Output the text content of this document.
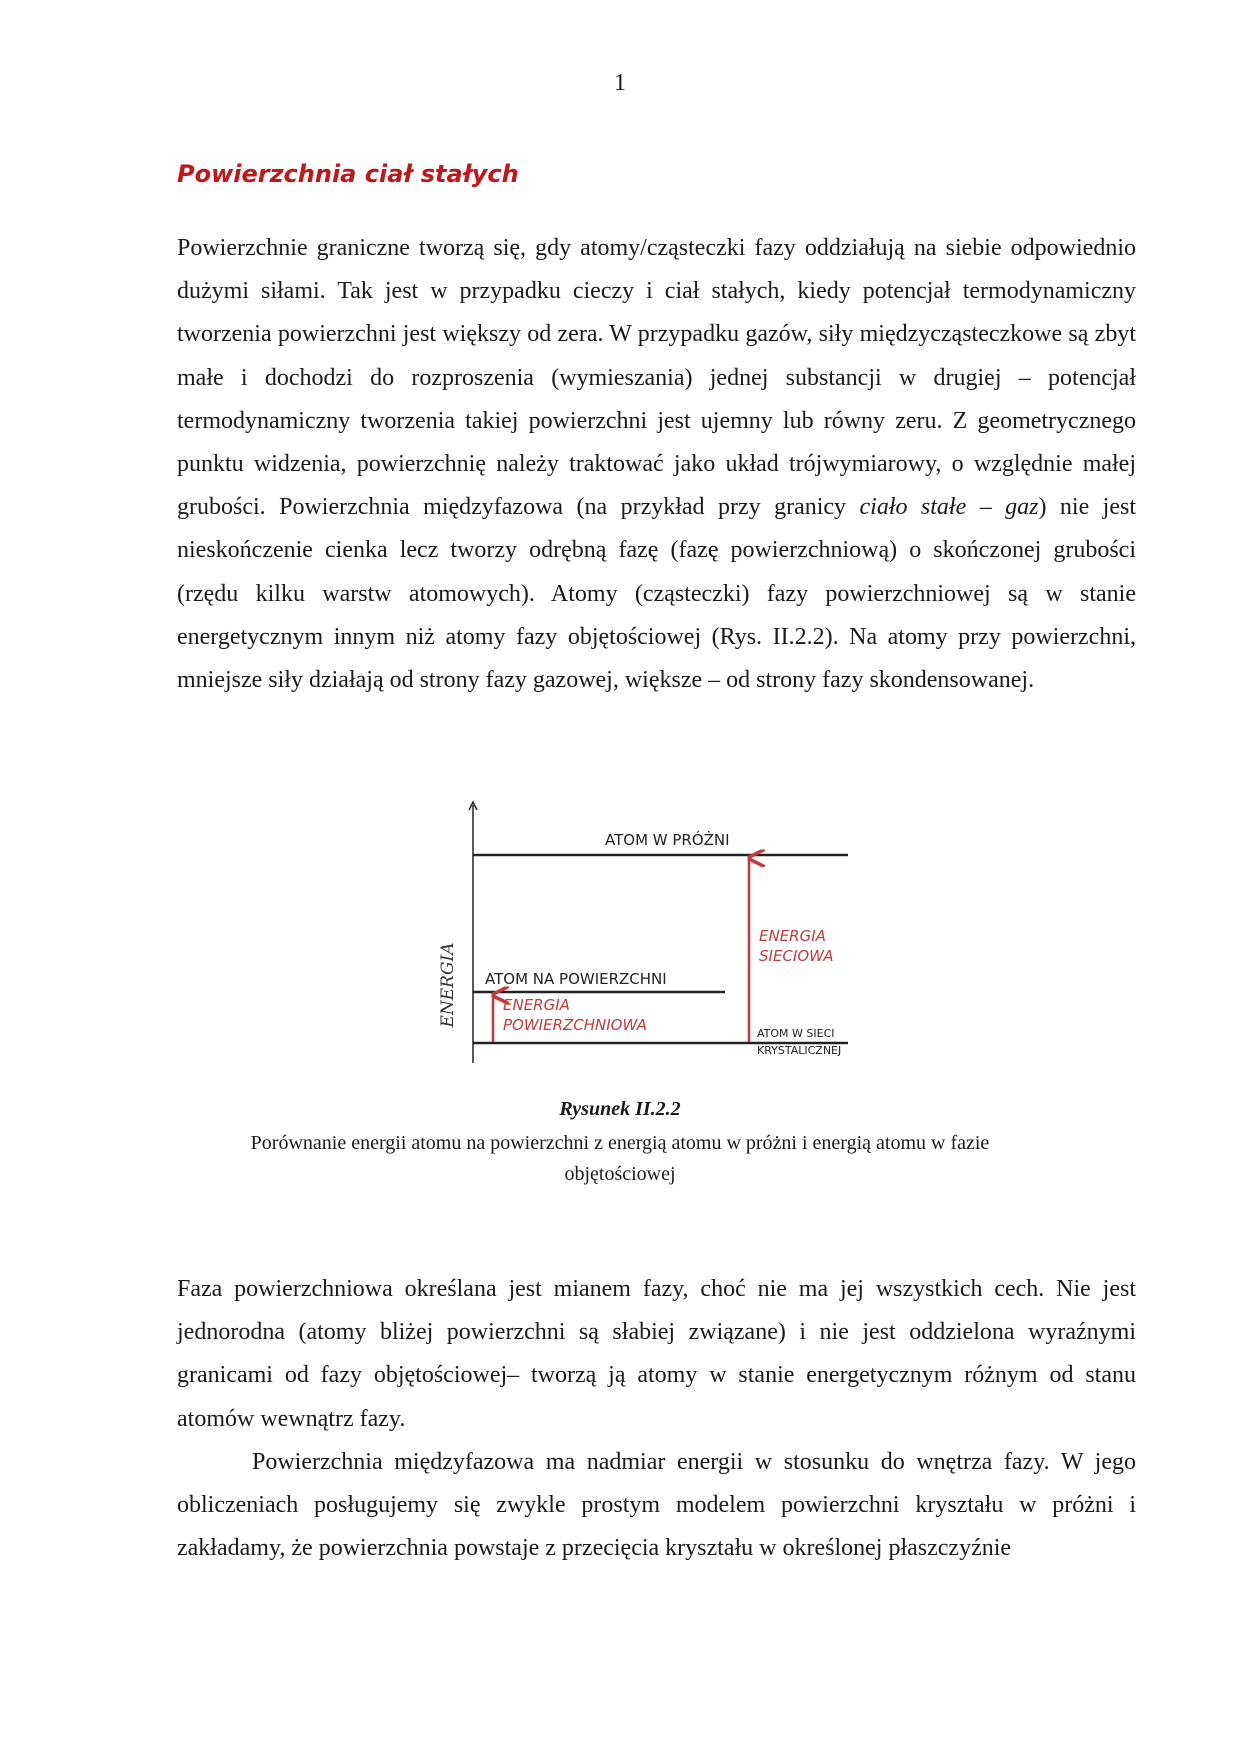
1
Powierzchnia ciał stałych

Powierzchnie graniczne tworzą się, gdy atomy/cząsteczki fazy oddziałują na siebie odpowiednio dużymi siłami. Tak jest w przypadku cieczy i ciał stałych, kiedy potencjał termodynamiczny tworzenia powierzchni jest większy od zera. W przypadku gazów, siły międzycząsteczkowe są zbyt małe i dochodzi do rozproszenia (wymieszania) jednej substancji w drugiej – potencjał termodynamiczny tworzenia takiej powierzchni jest ujemny lub równy zeru. Z geometrycznego punktu widzenia, powierzchnię należy traktować jako układ trójwymiarowy, o względnie małej grubości. Powierzchnia międzyfazowa (na przykład przy granicy ciało stałe – gaz) nie jest nieskończenie cienka lecz tworzy odrębną fazę (fazę powierzchniową) o skończonej grubości (rzędu kilku warstw atomowych). Atomy (cząsteczki) fazy powierzchniowej są w stanie energetycznym innym niż atomy fazy objętościowej (Rys. II.2.2). Na atomy przy powierzchni, mniejsze siły działają od strony fazy gazowej, większe – od strony fazy skondensowanej.

ENERGIA
ATOM W PRÓŻNI
ATOM NA POWIERZCHNI
ATOM W SIECI
KRYSTALICZNEJ
ENERGIA
SIECIOWA
ENERGIA
POWIERZCHNIOWA
Rysunek II.2.2
Porównanie energii atomu na powierzchni z energią atomu w próżni i energią atomu w fazie objętościowej

Faza powierzchniowa określana jest mianem fazy, choć nie ma jej wszystkich cech. Nie jest jednorodna (atomy bliżej powierzchni są słabiej związane) i nie jest oddzielona wyraźnymi granicami od fazy objętościowej– tworzą ją atomy w stanie energetycznym różnym od stanu atomów wewnątrz fazy.

Powierzchnia międzyfazowa ma nadmiar energii w stosunku do wnętrza fazy. W jego obliczeniach posługujemy się zwykle prostym modelem powierzchni kryształu w próżni i zakładamy, że powierzchnia powstaje z przecięcia kryształu w określonej płaszczyźnie
